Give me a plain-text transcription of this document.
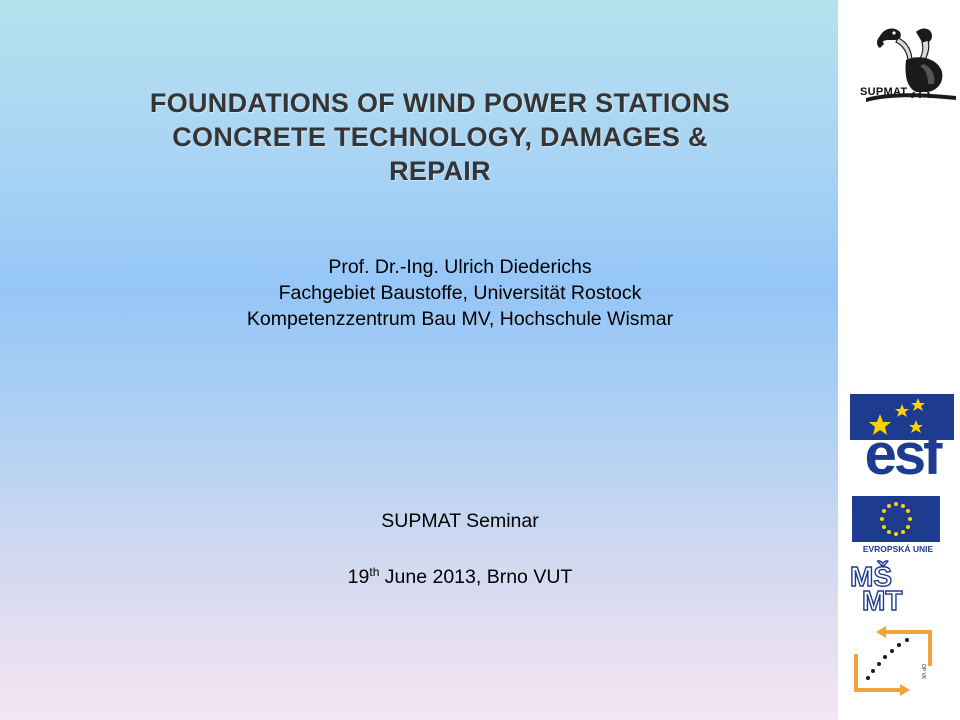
FOUNDATIONS OF WIND POWER STATIONS
CONCRETE TECHNOLOGY, DAMAGES &
REPAIR
Prof. Dr.-Ing. Ulrich Diederichs
Fachgebiet Baustoffe, Universität Rostock
Kompetenzzentrum Bau MV, Hochschule Wismar
SUPMAT Seminar
19th June 2013, Brno VUT
SUPMAT
esf
EVROPSKÁ UNIE
MŠ
MT
OP VK
